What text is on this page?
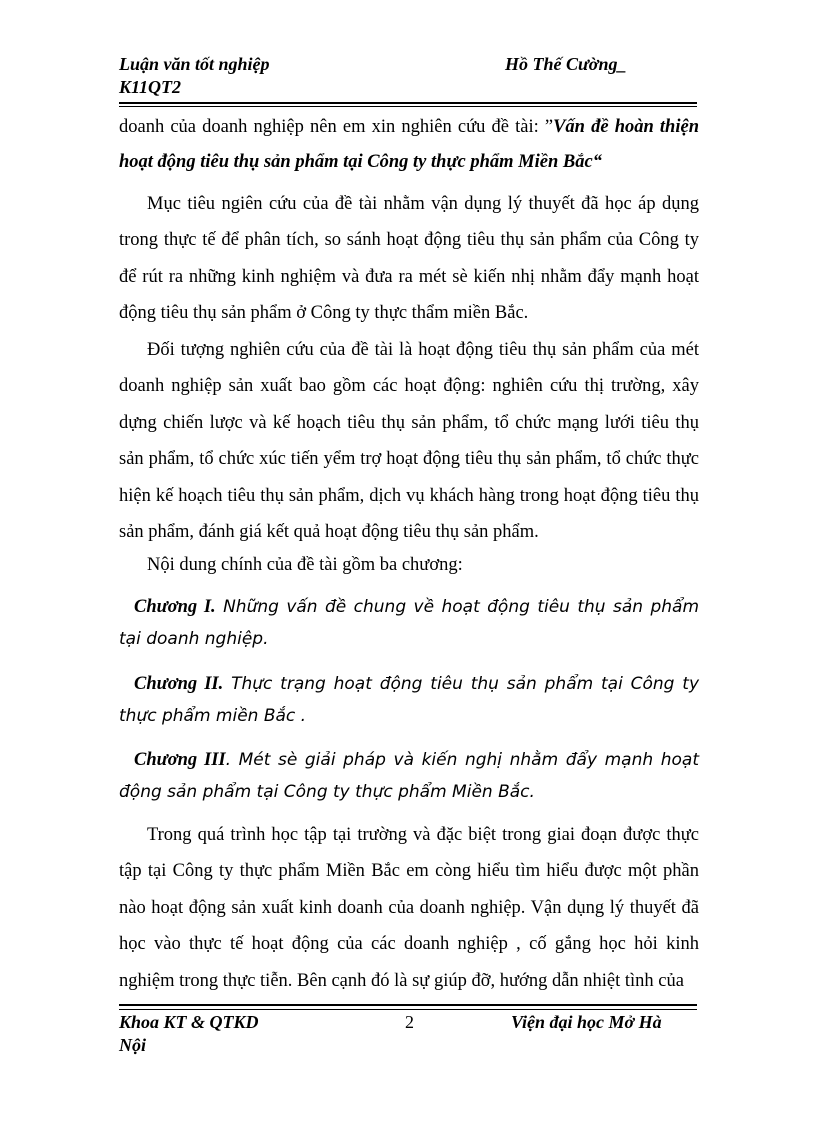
Luận văn tốt nghiệp
K11QT2
Hồ Thế Cường_
doanh của doanh nghiệp nên em xin nghiên cứu đề tài: ”Vấn đề hoàn thiện hoạt động tiêu thụ sản phẩm tại Công ty thực phẩm Miền Bắc“
Mục tiêu ngiên cứu của đề tài nhằm vận dụng lý thuyết đã học áp dụng trong thực tế để phân tích, so sánh hoạt động tiêu thụ sản phẩm của Công ty để rút ra những kinh nghiệm và đưa ra mét sè kiến nhị nhằm đẩy mạnh hoạt động tiêu thụ sản phẩm ở Công ty thực thẩm miền Bắc.
Đối tượng nghiên cứu của đề tài là hoạt động tiêu thụ sản phẩm của mét doanh nghiệp sản xuất bao gồm các hoạt động: nghiên cứu thị trường, xây dựng chiến lược và kế hoạch tiêu thụ sản phẩm, tổ chức mạng lưới tiêu thụ sản phẩm, tổ chức xúc tiến yểm trợ hoạt động tiêu thụ sản phẩm, tổ chức thực hiện kế hoạch tiêu thụ sản phẩm, dịch vụ khách hàng trong hoạt động tiêu thụ sản phẩm, đánh giá kết quả hoạt động tiêu thụ sản phẩm.
Nội dung chính của đề tài gồm ba chương:
Chương I. Những vấn đề chung về hoạt động tiêu thụ sản phẩm tại doanh nghiệp.
Chương II. Thực trạng hoạt động tiêu thụ sản phẩm tại Công ty thực phẩm miền Bắc .
Chương III. Mét sè giải pháp và kiến nghị nhằm đẩy mạnh hoạt động sản phẩm tại Công ty thực phẩm Miền Bắc.
Trong quá trình học tập tại trường và đặc biệt trong giai đoạn được thực tập tại Công ty thực phẩm Miền Bắc em còng hiểu tìm hiểu được một phần nào hoạt động sản xuất kinh doanh của doanh nghiệp. Vận dụng lý thuyết đã học vào thực tế hoạt động của các doanh nghiệp , cố gắng học hỏi kinh nghiệm trong thực tiễn. Bên cạnh đó là sự giúp đỡ, hướng dẫn nhiệt tình của
Khoa KT & QTKD
Nội
2	Viện đại học Mở Hà
